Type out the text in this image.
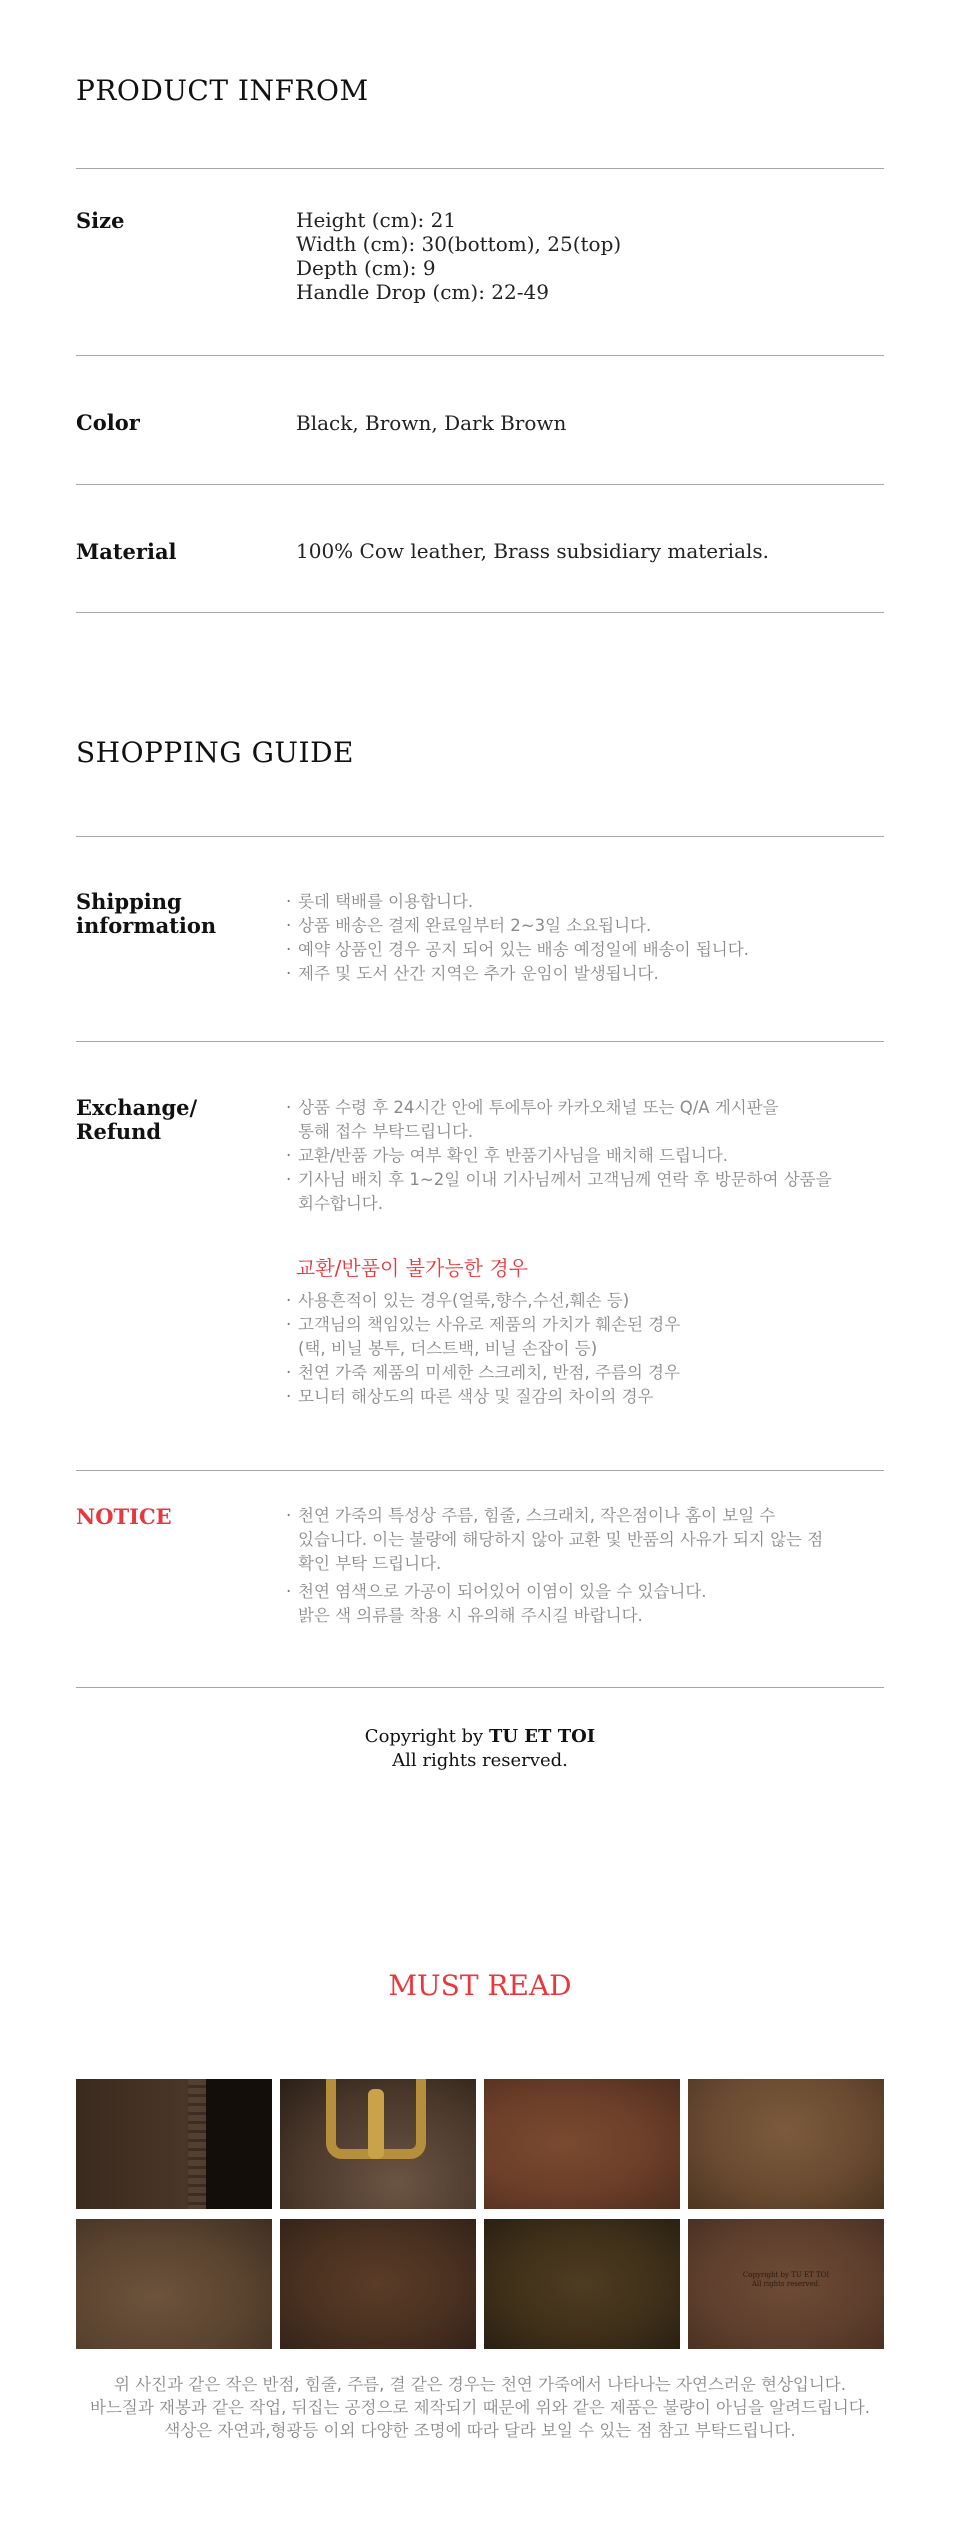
PRODUCT INFROM
Size	Height (cm): 21
Width (cm): 30(bottom), 25(top)
Depth (cm): 9
Handle Drop (cm): 22-49
Color	Black, Brown, Dark Brown
Material	100% Cow leather, Brass subsidiary materials.
SHOPPING GUIDE
Shipping
information
· 롯데 택배를 이용합니다.
· 상품 배송은 결제 완료일부터 2~3일 소요됩니다.
· 예약 상품인 경우 공지 되어 있는 배송 예정일에 배송이 됩니다.
· 제주 및 도서 산간 지역은 추가 운임이 발생됩니다.
Exchange/
Refund
· 상품 수령 후 24시간 안에 투에투아 카카오채널 또는 Q/A 게시판을
통해 접수 부탁드립니다.
· 교환/반품 가능 여부 확인 후 반품기사님을 배치해 드립니다.
· 기사님 배치 후 1~2일 이내 기사님께서 고객님께 연락 후 방문하여 상품을
회수합니다.
교환/반품이 불가능한 경우
· 사용흔적이 있는 경우(얼룩,향수,수선,훼손 등)
· 고객님의 책임있는 사유로 제품의 가치가 훼손된 경우
(택, 비닐 봉투, 더스트백, 비닐 손잡이 등)
· 천연 가죽 제품의 미세한 스크레치, 반점, 주름의 경우
· 모니터 해상도의 따른 색상 및 질감의 차이의 경우
NOTICE
·	천연 가죽의 특성상 주름, 힘줄, 스크래치, 작은점이나 홈이 보일 수
있습니다. 이는 불량에 해당하지 않아 교환 및 반품의 사유가 되지 않는 점
확인 부탁 드립니다.
· 천연 염색으로 가공이 되어있어 이염이 있을 수 있습니다.
밝은 색 의류를 착용 시 유의해 주시길 바랍니다.
Copyright by TU ET TOI
All rights reserved.
MUST READ
Copyright by TU ET TOI
All rights reserved.
위 사진과 같은 작은 반점, 힘줄, 주름, 결 같은 경우는 천연 가죽에서 나타나는 자연스러운 현상입니다.
바느질과 재봉과 같은 작업, 뒤집는 공정으로 제작되기 때문에 위와 같은 제품은 불량이 아님을 알려드립니다.
색상은 자연과,형광등 이외 다양한 조명에 따라 달라 보일 수 있는 점 참고 부탁드립니다.
